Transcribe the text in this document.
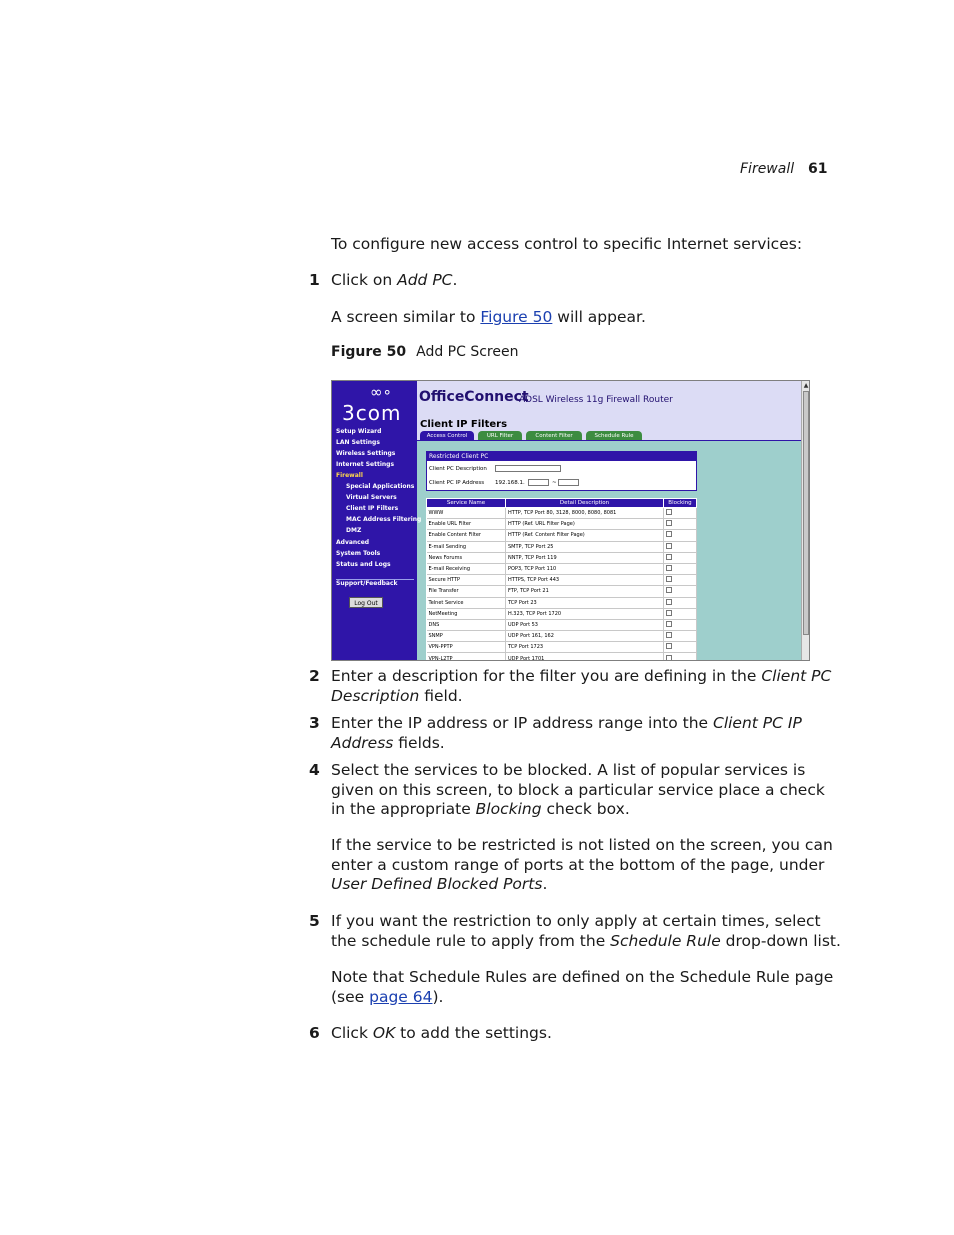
Firewall 61
To configure new access control to specific Internet services:
1 Click on Add PC.
A screen similar to Figure 50 will appear.
Figure 50 Add PC Screen
∞∘
3com
Setup Wizard
LAN Settings
Wireless Settings
Internet Settings
Firewall
Special Applications
Virtual Servers
Client IP Filters
MAC Address Filtering
DMZ
Advanced
System Tools
Status and Logs
Support/Feedback
Log Out
OfficeConnect
ADSL Wireless 11g Firewall Router
Client IP Filters
Access Control	URL Filter	Content Filter	Schedule Rule
Restricted Client PC
Client PC Description
Client PC IP Address 192.168.1.	~
Service Name	Detail Description	Blocking
WWW	HTTP, TCP Port 80, 3128, 8000, 8080, 8081	
Enable URL Filter	HTTP (Ref. URL Filter Page)	
Enable Content Filter	HTTP (Ref. Content Filter Page)	
E-mail Sending	SMTP, TCP Port 25	
News Forums	NNTP, TCP Port 119	
E-mail Receiving	POP3, TCP Port 110	
Secure HTTP	HTTPS, TCP Port 443	
File Transfer	FTP, TCP Port 21	
Telnet Service	TCP Port 23	
NetMeeting	H.323, TCP Port 1720	
DNS	UDP Port 53	
SNMP	UDP Port 161, 162	
VPN-PPTP	TCP Port 1723	
VPN-L2TP	UDP Port 1701	
▲
2 Enter a description for the filter you are defining in the Client PC Description field.
3 Enter the IP address or IP address range into the Client PC IP Address fields.
4 Select the services to be blocked. A list of popular services is given on this screen, to block a particular service place a check in the appropriate Blocking check box.
If the service to be restricted is not listed on the screen, you can enter a custom range of ports at the bottom of the page, under User Defined Blocked Ports.
5 If you want the restriction to only apply at certain times, select the schedule rule to apply from the Schedule Rule drop-down list.
Note that Schedule Rules are defined on the Schedule Rule page (see page 64).
6 Click OK to add the settings.
